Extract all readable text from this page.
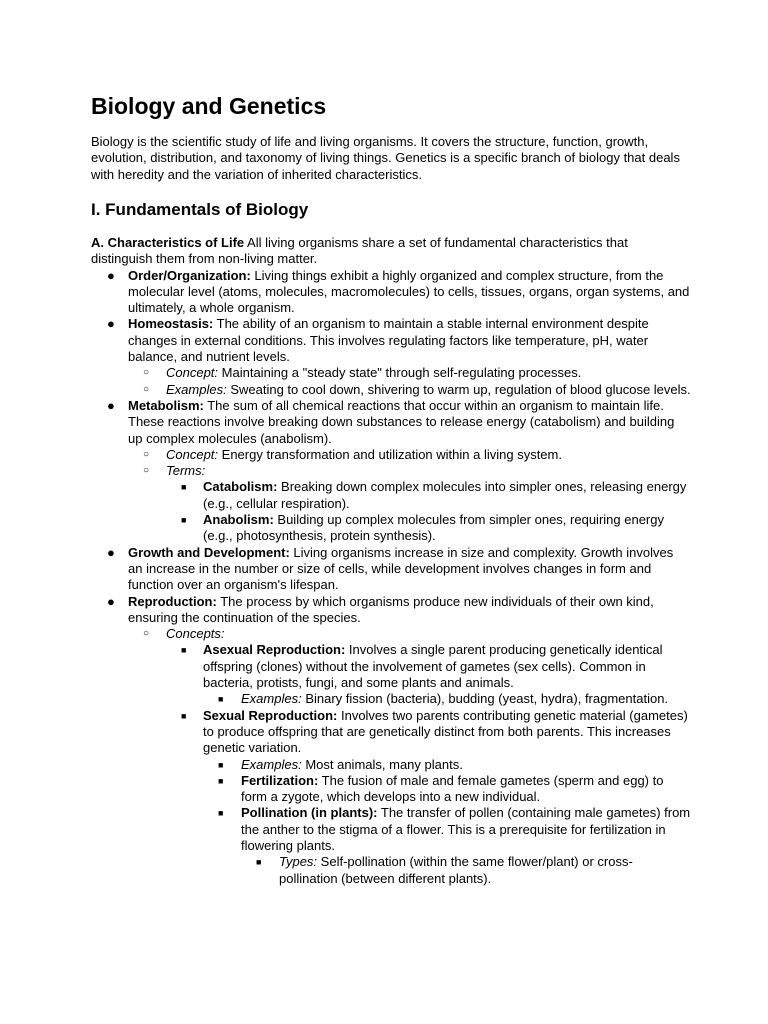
Biology and Genetics

Biology is the scientific study of life and living organisms. It covers the structure, function, growth, evolution, distribution, and taxonomy of living things. Genetics is a specific branch of biology that deals with heredity and the variation of inherited characteristics.

I. Fundamentals of Biology

A. Characteristics of Life All living organisms share a set of fundamental characteristics that distinguish them from non-living matter.

● Order/Organization: Living things exhibit a highly organized and complex structure, from the molecular level (atoms, molecules, macromolecules) to cells, tissues, organs, organ systems, and ultimately, a whole organism.
● Homeostasis: The ability of an organism to maintain a stable internal environment despite changes in external conditions. This involves regulating factors like temperature, pH, water balance, and nutrient levels.
○ Concept: Maintaining a "steady state" through self-regulating processes.
○ Examples: Sweating to cool down, shivering to warm up, regulation of blood glucose levels.
● Metabolism: The sum of all chemical reactions that occur within an organism to maintain life. These reactions involve breaking down substances to release energy (catabolism) and building up complex molecules (anabolism).
○ Concept: Energy transformation and utilization within a living system.
○ Terms:
■ Catabolism: Breaking down complex molecules into simpler ones, releasing energy (e.g., cellular respiration).
■ Anabolism: Building up complex molecules from simpler ones, requiring energy (e.g., photosynthesis, protein synthesis).
● Growth and Development: Living organisms increase in size and complexity. Growth involves an increase in the number or size of cells, while development involves changes in form and function over an organism's lifespan.
● Reproduction: The process by which organisms produce new individuals of their own kind, ensuring the continuation of the species.
○ Concepts:
■ Asexual Reproduction: Involves a single parent producing genetically identical offspring (clones) without the involvement of gametes (sex cells). Common in bacteria, protists, fungi, and some plants and animals.
■ Examples: Binary fission (bacteria), budding (yeast, hydra), fragmentation.
■ Sexual Reproduction: Involves two parents contributing genetic material (gametes) to produce offspring that are genetically distinct from both parents. This increases genetic variation.
■ Examples: Most animals, many plants.
■ Fertilization: The fusion of male and female gametes (sperm and egg) to form a zygote, which develops into a new individual.
■ Pollination (in plants): The transfer of pollen (containing male gametes) from the anther to the stigma of a flower. This is a prerequisite for fertilization in flowering plants.
■ Types: Self-pollination (within the same flower/plant) or cross-pollination (between different plants).
